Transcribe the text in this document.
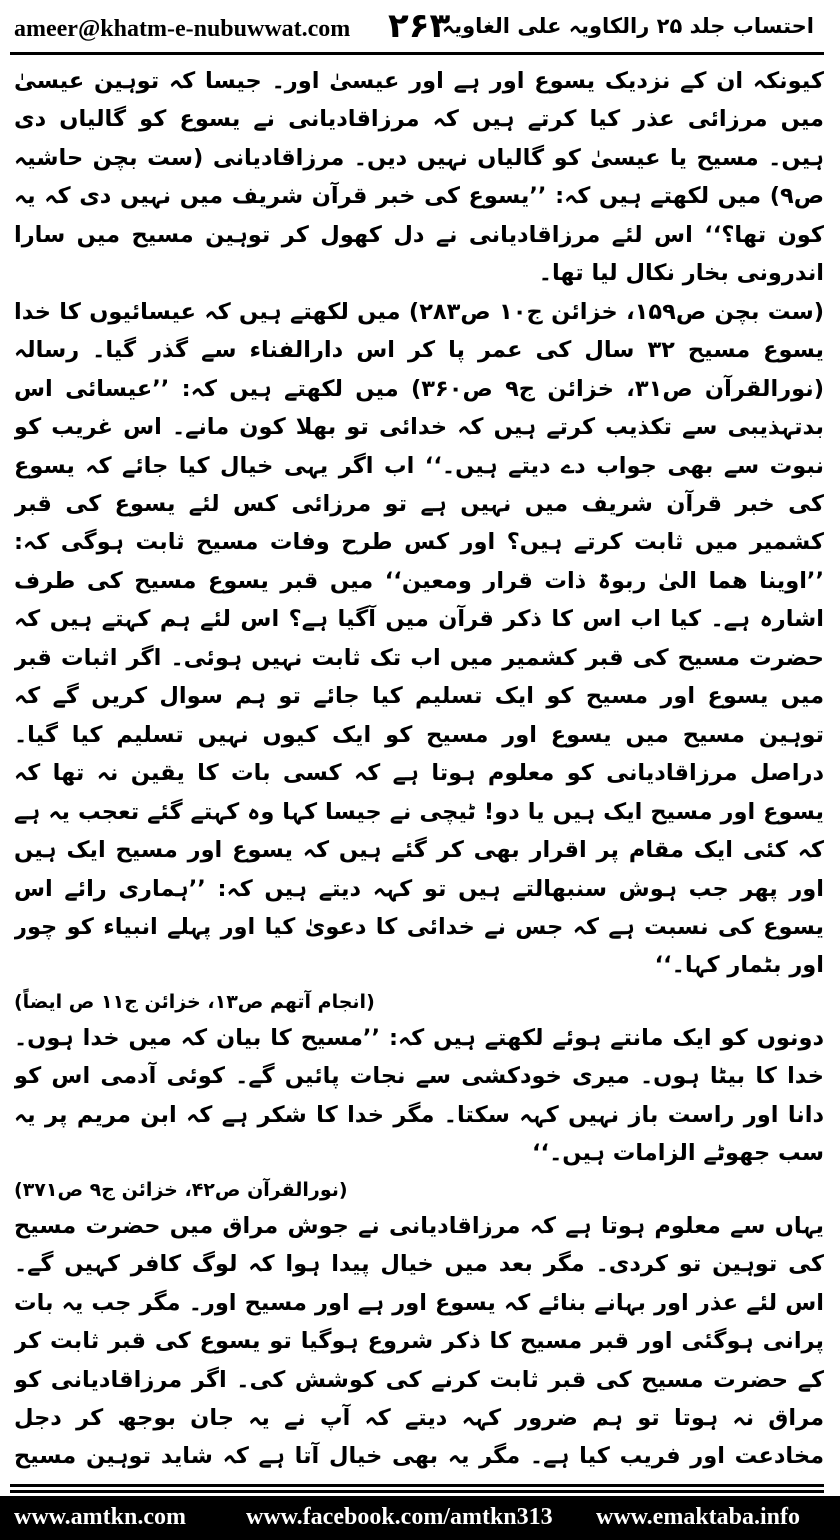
ameer@khatm-e-nubuwwat.com ۲۶۳
احتساب جلد ۲۵ رالکاویہ علی الغاویہ

کیونکہ ان کے نزدیک یسوع اور ہے اور عیسیٰ اور۔ جیسا کہ توہین عیسیٰ میں مرزائی عذر کیا کرتے ہیں کہ مرزاقادیانی نے یسوع کو گالیاں دی ہیں۔ مسیح یا عیسیٰ کو گالیاں نہیں دیں۔ مرزاقادیانی (ست بچن حاشیہ ص۹) میں لکھتے ہیں کہ: ’’یسوع کی خبر قرآن شریف میں نہیں دی کہ یہ کون تھا؟‘‘ اس لئے مرزاقادیانی نے دل کھول کر توہین مسیح میں سارا اندرونی بخار نکال لیا تھا۔

(ست بچن ص۱۵۹، خزائن ج۱۰ ص۲۸۳) میں لکھتے ہیں کہ عیسائیوں کا خدا یسوع مسیح ۳۲ سال کی عمر پا کر اس دارالفناء سے گذر گیا۔ رسالہ (نورالقرآن ص۳۱، خزائن ج۹ ص۳۶۰) میں لکھتے ہیں کہ: ’’عیسائی اس بدتہذیبی سے تکذیب کرتے ہیں کہ خدائی تو بھلا کون مانے۔ اس غریب کو نبوت سے بھی جواب دے دیتے ہیں۔‘‘ اب اگر یہی خیال کیا جائے کہ یسوع کی خبر قرآن شریف میں نہیں ہے تو مرزائی کس لئے یسوع کی قبر کشمیر میں ثابت کرتے ہیں؟ اور کس طرح وفات مسیح ثابت ہوگی کہ: ’’اوینا ھما الیٰ ربوۃ ذات قرار ومعین‘‘ میں قبر یسوع مسیح کی طرف اشارہ ہے۔ کیا اب اس کا ذکر قرآن میں آگیا ہے؟ اس لئے ہم کہتے ہیں کہ حضرت مسیح کی قبر کشمیر میں اب تک ثابت نہیں ہوئی۔ اگر اثبات قبر میں یسوع اور مسیح کو ایک تسلیم کیا جائے تو ہم سوال کریں گے کہ توہین مسیح میں یسوع اور مسیح کو ایک کیوں نہیں تسلیم کیا گیا۔ دراصل مرزاقادیانی کو معلوم ہوتا ہے کہ کسی بات کا یقین نہ تھا کہ یسوع اور مسیح ایک ہیں یا دو! ٹیچی نے جیسا کہا وہ کہتے گئے تعجب یہ ہے کہ کئی ایک مقام پر اقرار بھی کر گئے ہیں کہ یسوع اور مسیح ایک ہیں اور پھر جب ہوش سنبھالتے ہیں تو کہہ دیتے ہیں کہ: ’’ہماری رائے اس یسوع کی نسبت ہے کہ جس نے خدائی کا دعویٰ کیا اور پہلے انبیاء کو چور اور بٹمار کہا۔‘‘

(انجام آتھم ص۱۳، خزائن ج۱۱ ص ایضاً)

دونوں کو ایک مانتے ہوئے لکھتے ہیں کہ: ’’مسیح کا بیان کہ میں خدا ہوں۔ خدا کا بیٹا ہوں۔ میری خودکشی سے نجات پائیں گے۔ کوئی آدمی اس کو دانا اور راست باز نہیں کہہ سکتا۔ مگر خدا کا شکر ہے کہ ابن مریم پر یہ سب جھوٹے الزامات ہیں۔‘‘

(نورالقرآن ص۴۲، خزائن ج۹ ص۳۷۱)

یہاں سے معلوم ہوتا ہے کہ مرزاقادیانی نے جوش مراق میں حضرت مسیح کی توہین تو کردی۔ مگر بعد میں خیال پیدا ہوا کہ لوگ کافر کہیں گے۔ اس لئے عذر اور بہانے بنائے کہ یسوع اور ہے اور مسیح اور۔ مگر جب یہ بات پرانی ہوگئی اور قبر مسیح کا ذکر شروع ہوگیا تو یسوع کی قبر ثابت کر کے حضرت مسیح کی قبر ثابت کرنے کی کوشش کی۔ اگر مرزاقادیانی کو مراق نہ ہوتا تو ہم ضرور کہہ دیتے کہ آپ نے یہ جان بوجھ کر دجل مخادعت اور فریب کیا ہے۔ مگر یہ بھی خیال آتا ہے کہ شاید توہین مسیح

www.amtkn.com	www.facebook.com/amtkn313 www.emaktaba.info
